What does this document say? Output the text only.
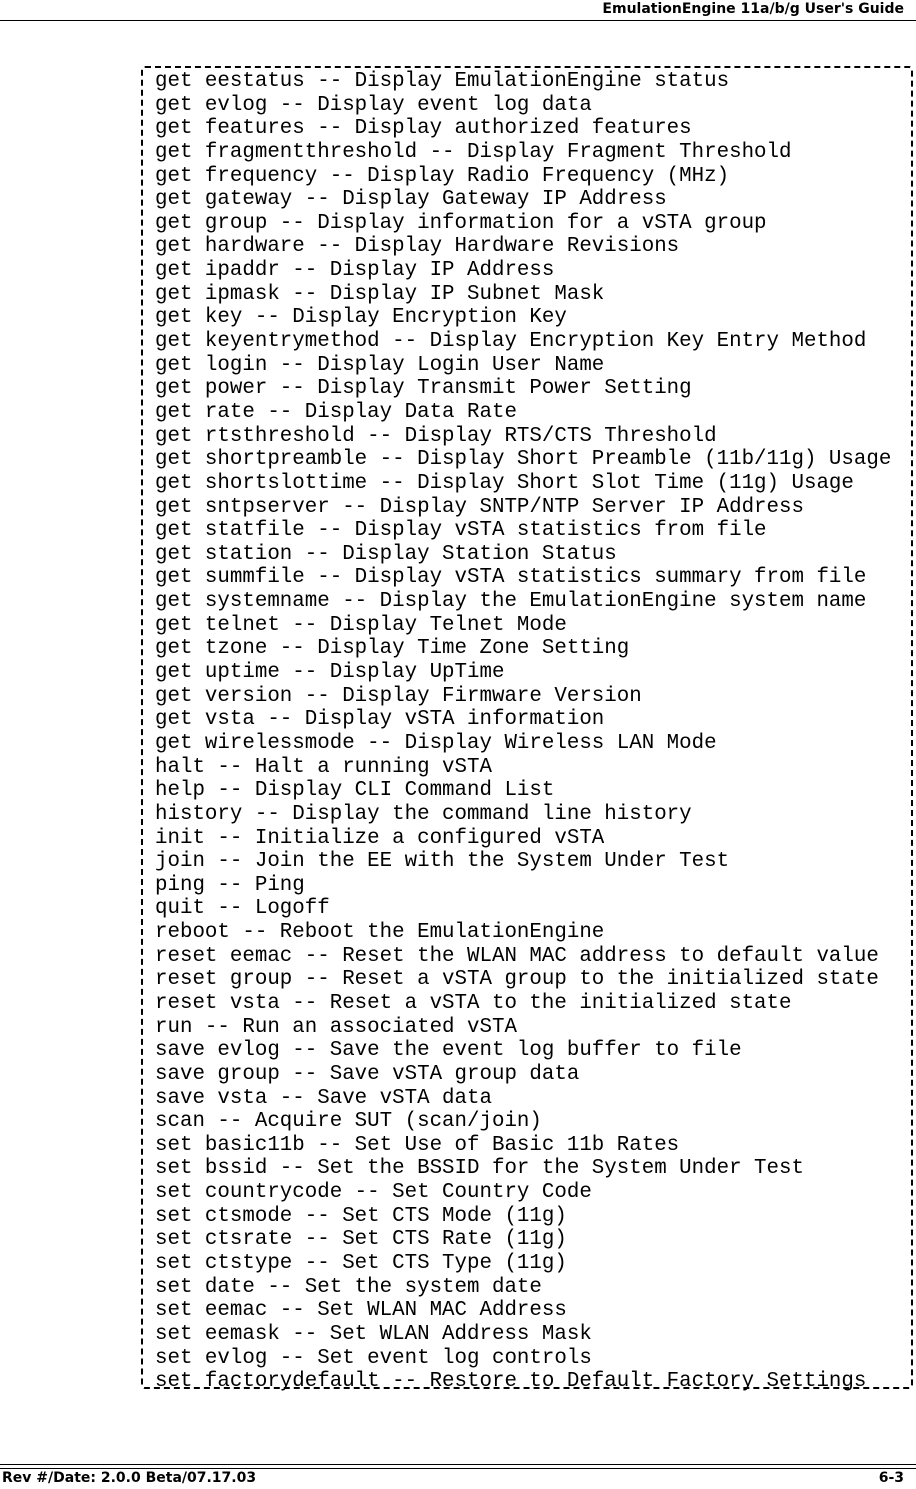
EmulationEngine 11a/b/g User's Guide
get eestatus -- Display EmulationEngine status
get evlog -- Display event log data
get features -- Display authorized features
get fragmentthreshold -- Display Fragment Threshold
get frequency -- Display Radio Frequency (MHz)
get gateway -- Display Gateway IP Address
get group -- Display information for a vSTA group
get hardware -- Display Hardware Revisions
get ipaddr -- Display IP Address
get ipmask -- Display IP Subnet Mask
get key -- Display Encryption Key
get keyentrymethod -- Display Encryption Key Entry Method
get login -- Display Login User Name
get power -- Display Transmit Power Setting
get rate -- Display Data Rate
get rtsthreshold -- Display RTS/CTS Threshold
get shortpreamble -- Display Short Preamble (11b/11g) Usage
get shortslottime -- Display Short Slot Time (11g) Usage
get sntpserver -- Display SNTP/NTP Server IP Address
get statfile -- Display vSTA statistics from file
get station -- Display Station Status
get summfile -- Display vSTA statistics summary from file
get systemname -- Display the EmulationEngine system name
get telnet -- Display Telnet Mode
get tzone -- Display Time Zone Setting
get uptime -- Display UpTime
get version -- Display Firmware Version
get vsta -- Display vSTA information
get wirelessmode -- Display Wireless LAN Mode
halt -- Halt a running vSTA
help -- Display CLI Command List
history -- Display the command line history
init -- Initialize a configured vSTA
join -- Join the EE with the System Under Test
ping -- Ping
quit -- Logoff
reboot -- Reboot the EmulationEngine
reset eemac -- Reset the WLAN MAC address to default value
reset group -- Reset a vSTA group to the initialized state
reset vsta -- Reset a vSTA to the initialized state
run -- Run an associated vSTA
save evlog -- Save the event log buffer to file
save group -- Save vSTA group data
save vsta -- Save vSTA data
scan -- Acquire SUT (scan/join)
set basic11b -- Set Use of Basic 11b Rates
set bssid -- Set the BSSID for the System Under Test
set countrycode -- Set Country Code
set ctsmode -- Set CTS Mode (11g)
set ctsrate -- Set CTS Rate (11g)
set ctstype -- Set CTS Type (11g)
set date -- Set the system date
set eemac -- Set WLAN MAC Address
set eemask -- Set WLAN Address Mask
set evlog -- Set event log controls
set factorydefault -- Restore to Default Factory Settings
Rev #/Date: 2.0.0 Beta/07.17.03	6-3
